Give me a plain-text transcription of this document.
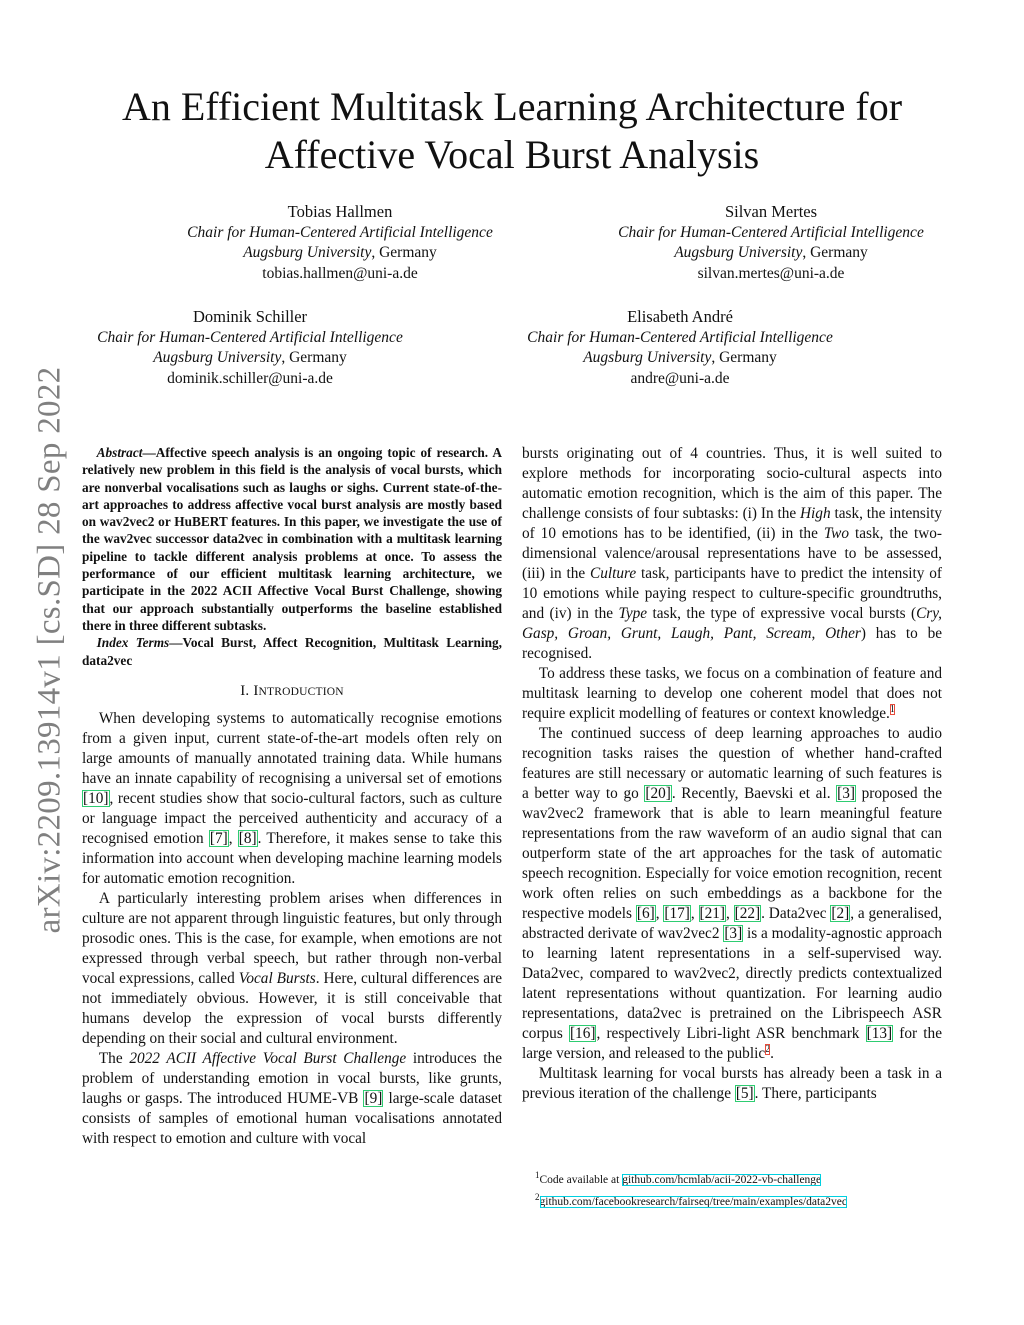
An Efficient Multitask Learning Architecture for
Affective Vocal Burst Analysis
arXiv:2209.13914v1 [cs.SD] 28 Sep 2022
Tobias Hallmen
Chair for Human-Centered Artificial Intelligence
Augsburg University, Germany
tobias.hallmen@uni-a.de
Silvan Mertes
Chair for Human-Centered Artificial Intelligence
Augsburg University, Germany
silvan.mertes@uni-a.de
Dominik Schiller
Chair for Human-Centered Artificial Intelligence
Augsburg University, Germany
dominik.schiller@uni-a.de
Elisabeth André
Chair for Human-Centered Artificial Intelligence
Augsburg University, Germany
andre@uni-a.de

Abstract—Affective speech analysis is an ongoing topic of research. A relatively new problem in this field is the analysis of vocal bursts, which are nonverbal vocalisations such as laughs or sighs. Current state-of-the-art approaches to address affective vocal burst analysis are mostly based on wav2vec2 or HuBERT features. In this paper, we investigate the use of the wav2vec successor data2vec in combination with a multitask learning pipeline to tackle different analysis problems at once. To assess the performance of our efficient multitask learning architecture, we participate in the 2022 ACII Affective Vocal Burst Challenge, showing that our approach substantially outperforms the baseline established there in three different subtasks.

Index Terms—Vocal Burst, Affect Recognition, Multitask Learning, data2vec

I. INTRODUCTION

When developing systems to automatically recognise emotions from a given input, current state-of-the-art models often rely on large amounts of manually annotated training data. While humans have an innate capability of recognising a universal set of emotions [10], recent studies show that socio-cultural factors, such as culture or language impact the perceived authenticity and accuracy of a recognised emotion [7], [8]. Therefore, it makes sense to take this information into account when developing machine learning models for automatic emotion recognition.

A particularly interesting problem arises when differences in culture are not apparent through linguistic features, but only through prosodic ones. This is the case, for example, when emotions are not expressed through verbal speech, but rather through non-verbal vocal expressions, called Vocal Bursts. Here, cultural differences are not immediately obvious. However, it is still conceivable that humans develop the expression of vocal bursts differently depending on their social and cultural environment.

The 2022 ACII Affective Vocal Burst Challenge introduces the problem of understanding emotion in vocal bursts, like grunts, laughs or gasps. The introduced HUME-VB [9] large-scale dataset consists of samples of emotional human vocalisations annotated with respect to emotion and culture with vocal

bursts originating out of 4 countries. Thus, it is well suited to explore methods for incorporating socio-cultural aspects into automatic emotion recognition, which is the aim of this paper. The challenge consists of four subtasks: (i) In the High task, the intensity of 10 emotions has to be identified, (ii) in the Two task, the two-dimensional valence/arousal representations have to be assessed, (iii) in the Culture task, participants have to predict the intensity of 10 emotions while paying respect to culture-specific groundtruths, and (iv) in the Type task, the type of expressive vocal bursts (Cry, Gasp, Groan, Grunt, Laugh, Pant, Scream, Other) has to be recognised.

To address these tasks, we focus on a combination of feature and multitask learning to develop one coherent model that does not require explicit modelling of features or context knowledge.$^1$

The continued success of deep learning approaches to audio recognition tasks raises the question of whether hand-crafted features are still necessary or automatic learning of such features is a better way to go [20]. Recently, Baevski et al. [3] proposed the wav2vec2 framework that is able to learn meaningful feature representations from the raw waveform of an audio signal that can outperform state of the art approaches for the task of automatic speech recognition. Especially for voice emotion recognition, recent work often relies on such embeddings as a backbone for the respective models [6], [17], [21], [22]. Data2vec [2], a generalised, abstracted derivate of wav2vec2 [3] is a modality-agnostic approach to learning latent representations in a self-supervised way. Data2vec, compared to wav2vec2, directly predicts contextualized latent representations without quantization. For learning audio representations, data2vec is pretrained on the Librispeech ASR corpus [16], respectively Libri-light ASR benchmark [13] for the large version, and released to the public$^2$.

Multitask learning for vocal bursts has already been a task in a previous iteration of the challenge [5]. There, participants

$^1$Code available at github.com/hcmlab/acii-2022-vb-challenge
$^2$github.com/facebookresearch/fairseq/tree/main/examples/data2vec
